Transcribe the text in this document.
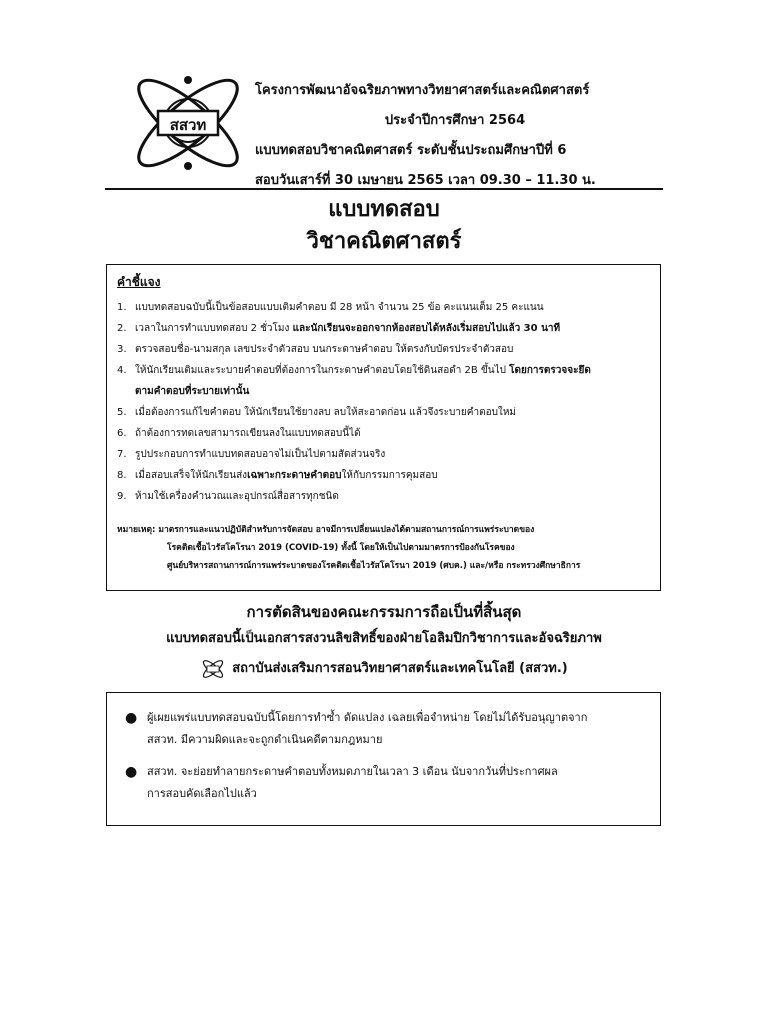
สสวท
โครงการพัฒนาอัจฉริยภาพทางวิทยาศาสตร์และคณิตศาสตร์
ประจำปีการศึกษา 2564
แบบทดสอบวิชาคณิตศาสตร์ ระดับชั้นประถมศึกษาปีที่ 6
สอบวันเสาร์ที่ 30 เมษายน 2565 เวลา 09.30 – 11.30 น.
แบบทดสอบ
วิชาคณิตศาสตร์
คำชี้แจง
1. แบบทดสอบฉบับนี้เป็นข้อสอบแบบเติมคำตอบ มี 28 หน้า จำนวน 25 ข้อ คะแนนเต็ม 25 คะแนน
2. เวลาในการทำแบบทดสอบ 2 ชั่วโมง และนักเรียนจะออกจากห้องสอบได้หลังเริ่มสอบไปแล้ว 30 นาที
3. ตรวจสอบชื่อ-นามสกุล เลขประจำตัวสอบ บนกระดาษคำตอบ ให้ตรงกับบัตรประจำตัวสอบ
4. ให้นักเรียนเติมและระบายคำตอบที่ต้องการในกระดาษคำตอบโดยใช้ดินสอดำ 2B ขึ้นไป โดยการตรวจจะยึด
ตามคำตอบที่ระบายเท่านั้น
5. เมื่อต้องการแก้ไขคำตอบ ให้นักเรียนใช้ยางลบ ลบให้สะอาดก่อน แล้วจึงระบายคำตอบใหม่
6. ถ้าต้องการทดเลขสามารถเขียนลงในแบบทดสอบนี้ได้
7. รูปประกอบการทำแบบทดสอบอาจไม่เป็นไปตามสัดส่วนจริง
8. เมื่อสอบเสร็จให้นักเรียนส่งเฉพาะกระดาษคำตอบให้กับกรรมการคุมสอบ
9. ห้ามใช้เครื่องคำนวณและอุปกรณ์สื่อสารทุกชนิด
หมายเหตุ: มาตรการและแนวปฏิบัติสำหรับการจัดสอบ อาจมีการเปลี่ยนแปลงได้ตามสถานการณ์การแพร่ระบาดของ
โรคติดเชื้อไวรัสโคโรนา 2019 (COVID-19) ทั้งนี้ โดยให้เป็นไปตามมาตรการป้องกันโรคของ
ศูนย์บริหารสถานการณ์การแพร่ระบาดของโรคติดเชื้อไวรัสโคโรนา 2019 (ศบค.) และ/หรือ กระทรวงศึกษาธิการ
การตัดสินของคณะกรรมการถือเป็นที่สิ้นสุด
แบบทดสอบนี้เป็นเอกสารสงวนลิขสิทธิ์ของฝ่ายโอลิมปิกวิชาการและอัจฉริยภาพ
สถาบันส่งเสริมการสอนวิทยาศาสตร์และเทคโนโลยี (สสวท.)
● ผู้เผยแพร่แบบทดสอบฉบับนี้โดยการทำซ้ำ ดัดแปลง เฉลยเพื่อจำหน่าย โดยไม่ได้รับอนุญาตจาก
สสวท. มีความผิดและจะถูกดำเนินคดีตามกฎหมาย
● สสวท. จะย่อยทำลายกระดาษคำตอบทั้งหมดภายในเวลา 3 เดือน นับจากวันที่ประกาศผล
การสอบคัดเลือกไปแล้ว
